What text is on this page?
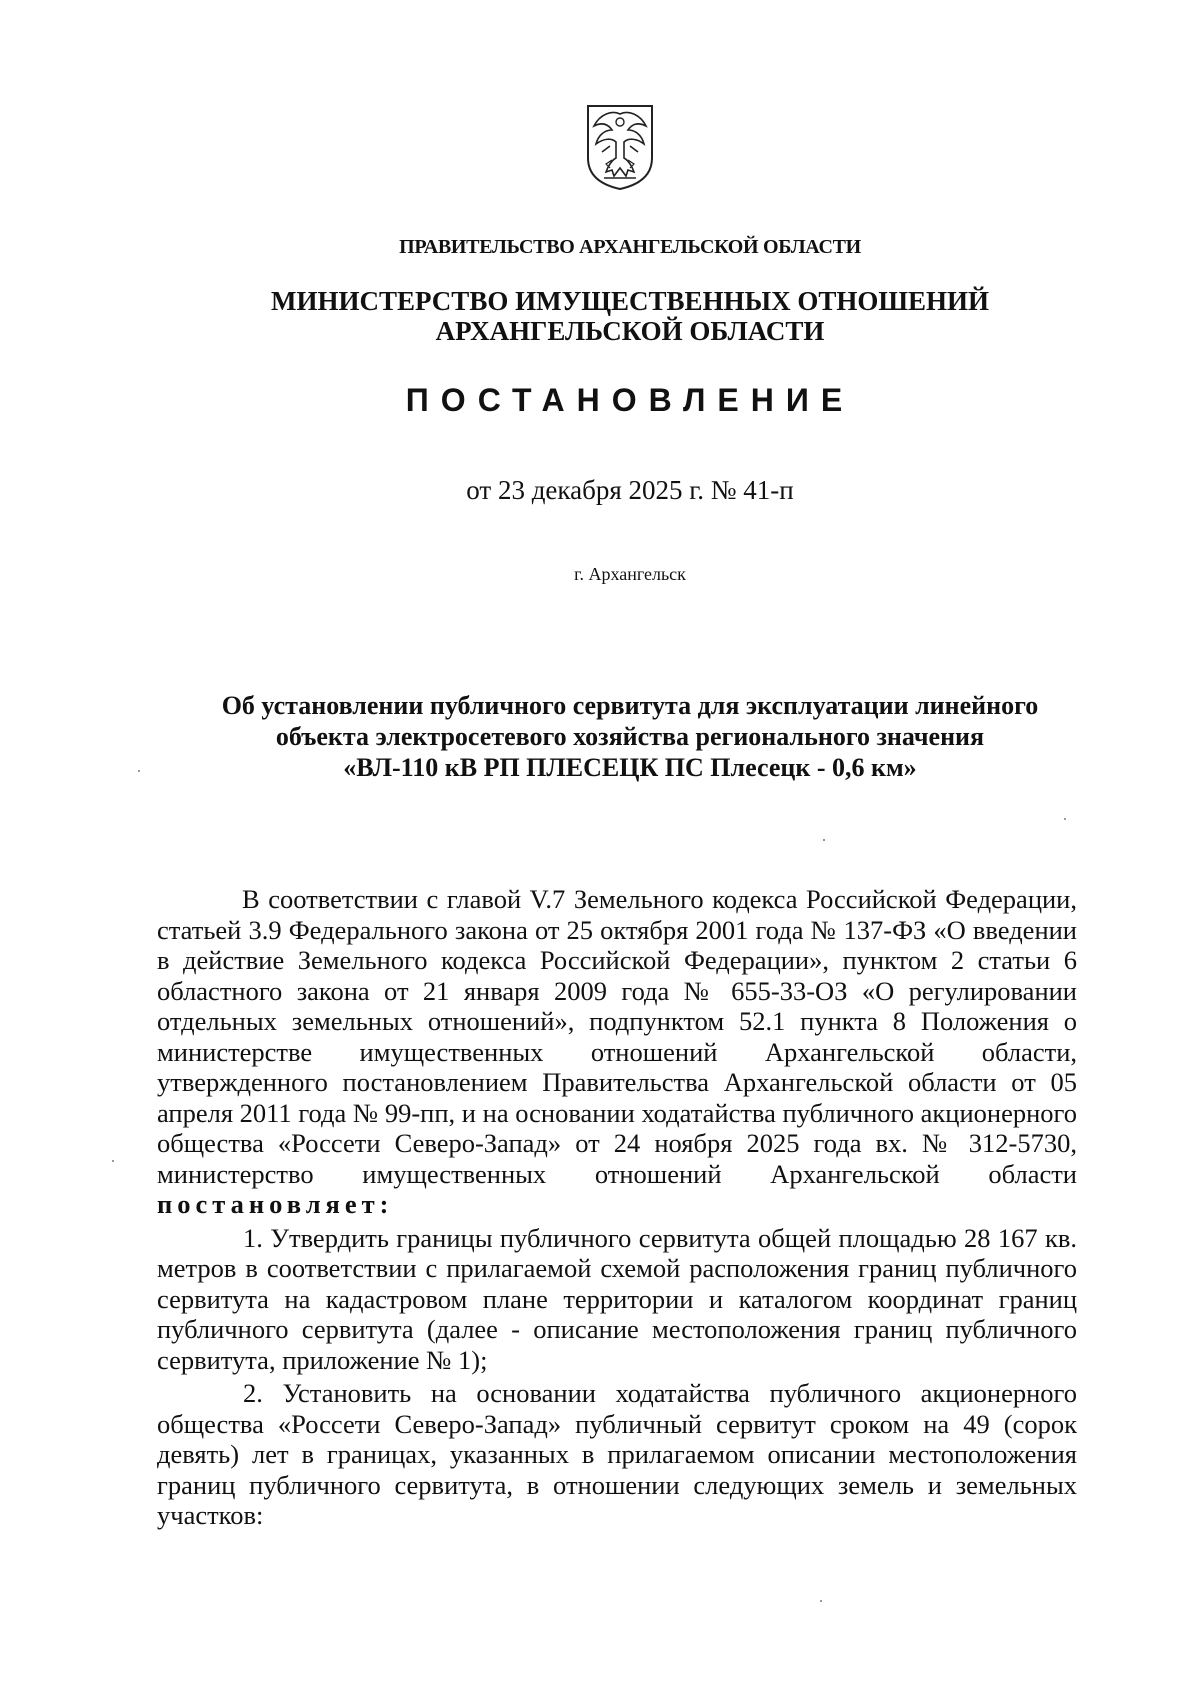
ПРАВИТЕЛЬСТВО АРХАНГЕЛЬСКОЙ ОБЛАСТИ
МИНИСТЕРСТВО ИМУЩЕСТВЕННЫХ ОТНОШЕНИЙ
АРХАНГЕЛЬСКОЙ ОБЛАСТИ
ПОСТАНОВЛЕНИЕ
от 23 декабря 2025 г. № 41-п
г. Архангельск
Об установлении публичного сервитута для эксплуатации линейного
объекта электросетевого хозяйства регионального значения
«ВЛ-110 кВ РП ПЛЕСЕЦК ПС Плесецк - 0,6 км»

В соответствии с главой V.7 Земельного кодекса Российской Федерации, статьей 3.9 Федерального закона от 25 октября 2001 года № 137-ФЗ «О введении в действие Земельного кодекса Российской Федерации», пунктом 2 статьи 6 областного закона от 21 января 2009 года № 655-33-ОЗ «О регулировании отдельных земельных отношений», подпунктом 52.1 пункта 8 Положения о министерстве имущественных отношений Архангельской области, утвержденного постановлением Правительства Архангельской области от 05 апреля 2011 года № 99-пп, и на основании ходатайства публичного акционерного общества «Россети Северо-Запад» от 24 ноября 2025 года вх. № 312-5730, министерство имущественных отношений Архангельской области постановляет:

1. Утвердить границы публичного сервитута общей площадью 28 167 кв. метров в соответствии с прилагаемой схемой расположения границ публичного сервитута на кадастровом плане территории и каталогом координат границ публичного сервитута (далее - описание местоположения границ публичного сервитута, приложение № 1);

2. Установить на основании ходатайства публичного акционерного общества «Россети Северо-Запад» публичный сервитут сроком на 49 (сорок девять) лет в границах, указанных в прилагаемом описании местоположения границ публичного сервитута, в отношении следующих земель и земельных участков:
